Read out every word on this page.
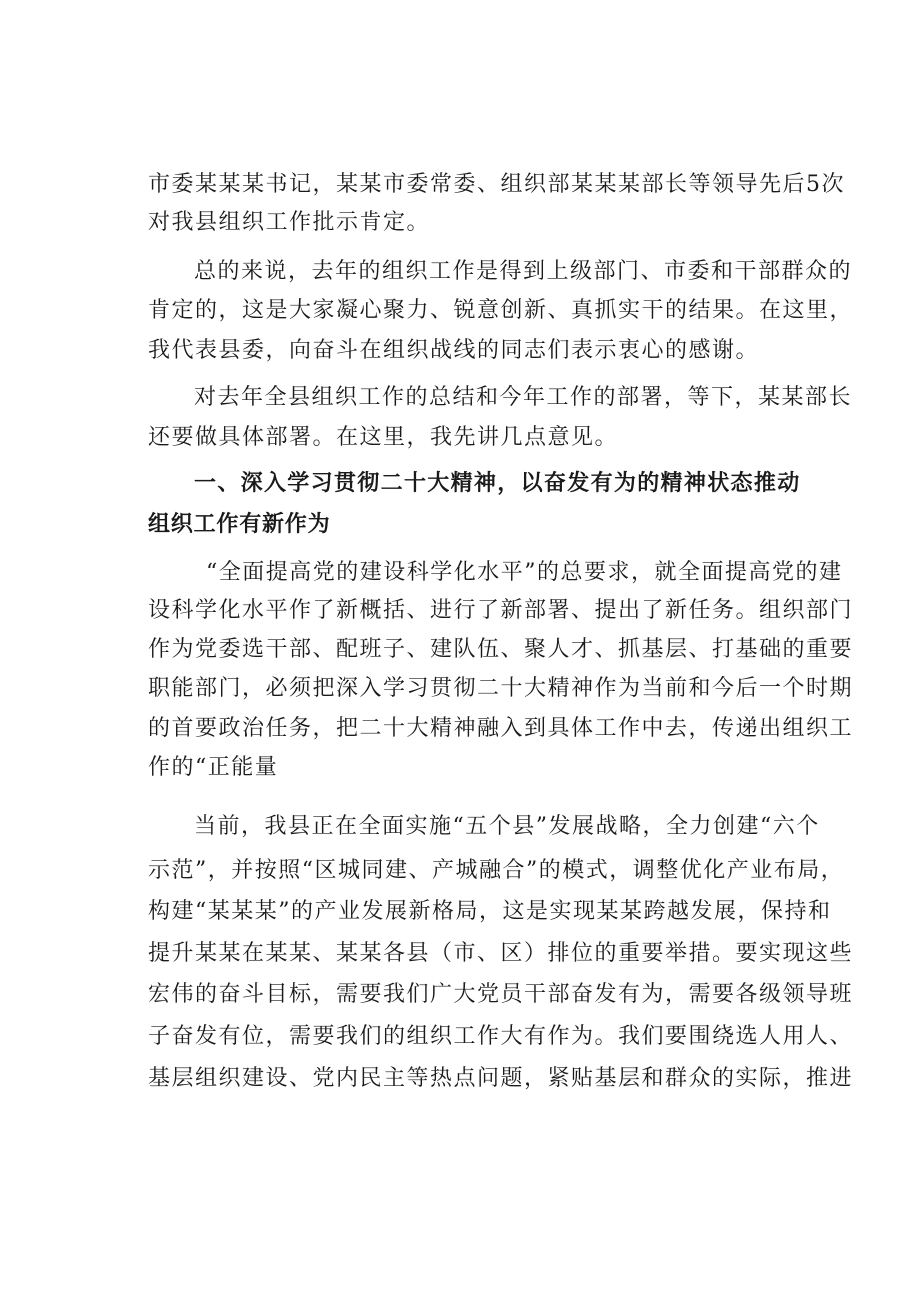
市委某某某书记，某某市委常委、组织部某某某部长等领导先后5次
对我县组织工作批示肯定。
总的来说，去年的组织工作是得到上级部门、市委和干部群众的
肯定的，这是大家凝心聚力、锐意创新、真抓实干的结果。在这里，
我代表县委，向奋斗在组织战线的同志们表示衷心的感谢。
对去年全县组织工作的总结和今年工作的部署，等下，某某部长
还要做具体部署。在这里，我先讲几点意见。
一、深入学习贯彻二十大精神，以奋发有为的精神状态推动
组织工作有新作为
“全面提高党的建设科学化水平”的总要求，就全面提高党的建
设科学化水平作了新概括、进行了新部署、提出了新任务。组织部门
作为党委选干部、配班子、建队伍、聚人才、抓基层、打基础的重要
职能部门，必须把深入学习贯彻二十大精神作为当前和今后一个时期
的首要政治任务，把二十大精神融入到具体工作中去，传递出组织工
作的“正能量
当前，我县正在全面实施“五个县”发展战略，全力创建“六个
示范”，并按照“区城同建、产城融合”的模式，调整优化产业布局，
构建“某某某”的产业发展新格局，这是实现某某跨越发展，保持和
提升某某在某某、某某各县（市、区）排位的重要举措。要实现这些
宏伟的奋斗目标，需要我们广大党员干部奋发有为，需要各级领导班
子奋发有位，需要我们的组织工作大有作为。我们要围绕选人用人、
基层组织建设、党内民主等热点问题，紧贴基层和群众的实际，推进
